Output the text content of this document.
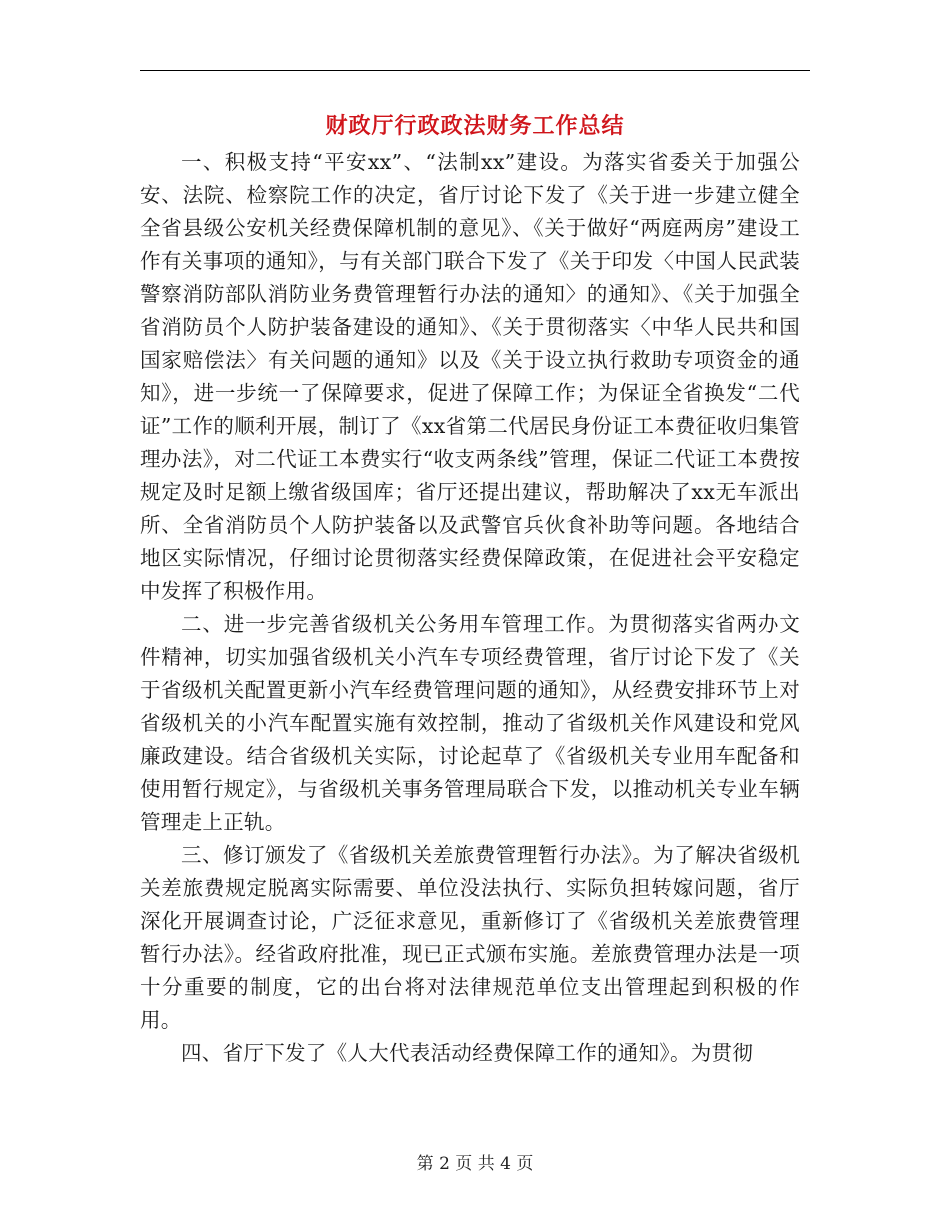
财政厅行政政法财务工作总结

一、积极支持“平安xx”、“法制xx”建设。为落实省委关于加强公安、法院、检察院工作的决定，省厅讨论下发了《关于进一步建立健全全省县级公安机关经费保障机制的意见》、《关于做好“两庭两房”建设工作有关事项的通知》，与有关部门联合下发了《关于印发〈中国人民武装警察消防部队消防业务费管理暂行办法的通知〉的通知》、《关于加强全省消防员个人防护装备建设的通知》、《关于贯彻落实〈中华人民共和国国家赔偿法〉有关问题的通知》以及《关于设立执行救助专项资金的通知》，进一步统一了保障要求，促进了保障工作；为保证全省换发“二代证”工作的顺利开展，制订了《xx省第二代居民身份证工本费征收归集管理办法》，对二代证工本费实行“收支两条线”管理，保证二代证工本费按规定及时足额上缴省级国库；省厅还提出建议，帮助解决了xx无车派出所、全省消防员个人防护装备以及武警官兵伙食补助等问题。各地结合地区实际情况，仔细讨论贯彻落实经费保障政策，在促进社会平安稳定中发挥了积极作用。

二、进一步完善省级机关公务用车管理工作。为贯彻落实省两办文件精神，切实加强省级机关小汽车专项经费管理，省厅讨论下发了《关于省级机关配置更新小汽车经费管理问题的通知》，从经费安排环节上对省级机关的小汽车配置实施有效控制，推动了省级机关作风建设和党风廉政建设。结合省级机关实际，讨论起草了《省级机关专业用车配备和使用暂行规定》，与省级机关事务管理局联合下发，以推动机关专业车辆管理走上正轨。

三、修订颁发了《省级机关差旅费管理暂行办法》。为了解决省级机关差旅费规定脱离实际需要、单位没法执行、实际负担转嫁问题，省厅深化开展调查讨论，广泛征求意见，重新修订了《省级机关差旅费管理暂行办法》。经省政府批准，现已正式颁布实施。差旅费管理办法是一项十分重要的制度，它的出台将对法律规范单位支出管理起到积极的作用。

四、省厅下发了《人大代表活动经费保障工作的通知》。为贯彻

第 2 页 共 4 页
